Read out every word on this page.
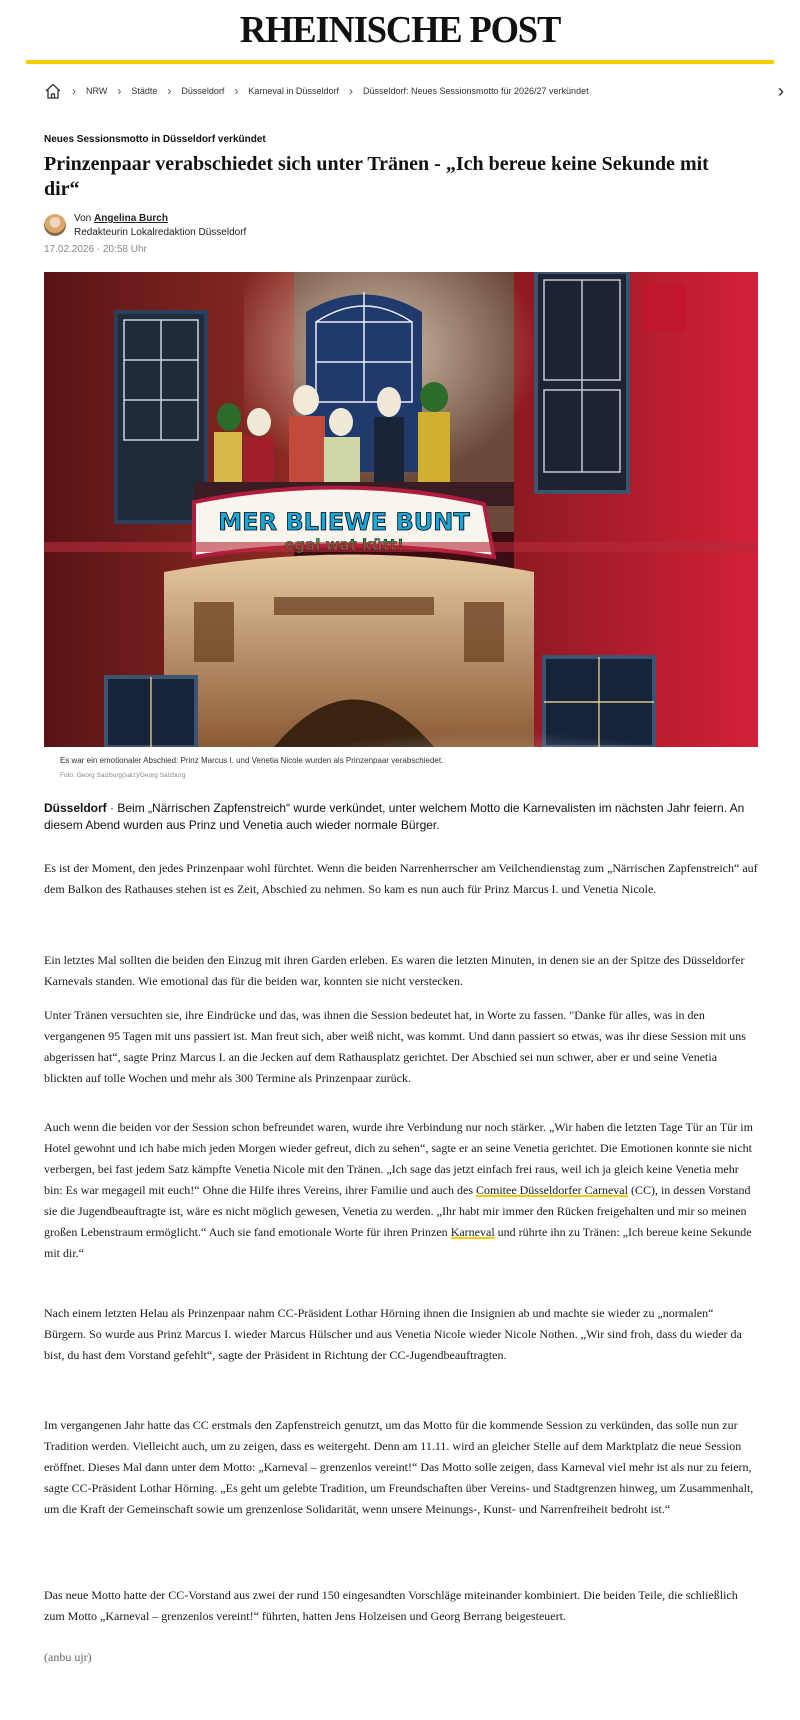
RHEINISCHE POST
› NRW › Städte › Düsseldorf › Karneval in Düsseldorf › Düsseldorf: Neues Sessionsmotto für 2026/27 verkündet	›
Neues Sessionsmotto in Düsseldorf verkündet
Prinzenpaar verabschiedet sich unter Tränen - „Ich bereue keine Sekunde mit dir“
Von Angelina Burch
Redakteurin Lokalredaktion Düsseldorf
17.02.2026 · 20:58 Uhr
MER BLIEWE BUNT
Es war ein emotionaler Abschied: Prinz Marcus I. und Venetia Nicole wurden als Prinzenpaar verabschiedet.
Foto: Georg Salzburg(salz)/Georg Salzburg

Düsseldorf · Beim „Närrischen Zapfenstreich“ wurde verkündet, unter welchem Motto die Karnevalisten im nächsten Jahr feiern. An diesem Abend wurden aus Prinz und Venetia auch wieder normale Bürger.

Es ist der Moment, den jedes Prinzenpaar wohl fürchtet. Wenn die beiden Narrenherrscher am Veilchendienstag zum „Närrischen Zapfenstreich“ auf dem Balkon des Rathauses stehen ist es Zeit, Abschied zu nehmen. So kam es nun auch für Prinz Marcus I. und Venetia Nicole.

Ein letztes Mal sollten die beiden den Einzug mit ihren Garden erleben. Es waren die letzten Minuten, in denen sie an der Spitze des Düsseldorfer Karnevals standen. Wie emotional das für die beiden war, konnten sie nicht verstecken.

Unter Tränen versuchten sie, ihre Eindrücke und das, was ihnen die Session bedeutet hat, in Worte zu fassen. "Danke für alles, was in den vergangenen 95 Tagen mit uns passiert ist. Man freut sich, aber weiß nicht, was kommt. Und dann passiert so etwas, was ihr diese Session mit uns abgerissen hat“, sagte Prinz Marcus I. an die Jecken auf dem Rathausplatz gerichtet. Der Abschied sei nun schwer, aber er und seine Venetia blickten auf tolle Wochen und mehr als 300 Termine als Prinzenpaar zurück.

Auch wenn die beiden vor der Session schon befreundet waren, wurde ihre Verbindung nur noch stärker. „Wir haben die letzten Tage Tür an Tür im Hotel gewohnt und ich habe mich jeden Morgen wieder gefreut, dich zu sehen“, sagte er an seine Venetia gerichtet. Die Emotionen konnte sie nicht verbergen, bei fast jedem Satz kämpfte Venetia Nicole mit den Tränen. „Ich sage das jetzt einfach frei raus, weil ich ja gleich keine Venetia mehr bin: Es war megageil mit euch!“ Ohne die Hilfe ihres Vereins, ihrer Familie und auch des Comitee Düsseldorfer Carneval (CC), in dessen Vorstand sie die Jugendbeauftragte ist, wäre es nicht möglich gewesen, Venetia zu werden. „Ihr habt mir immer den Rücken freigehalten und mir so meinen großen Lebenstraum ermöglicht.“ Auch sie fand emotionale Worte für ihren Prinzen Karneval und rührte ihn zu Tränen: „Ich bereue keine Sekunde mit dir.“

Nach einem letzten Helau als Prinzenpaar nahm CC-Präsident Lothar Hörning ihnen die Insignien ab und machte sie wieder zu „normalen“ Bürgern. So wurde aus Prinz Marcus I. wieder Marcus Hülscher und aus Venetia Nicole wieder Nicole Nothen. „Wir sind froh, dass du wieder da bist, du hast dem Vorstand gefehlt“, sagte der Präsident in Richtung der CC-Jugendbeauftragten.

Im vergangenen Jahr hatte das CC erstmals den Zapfenstreich genutzt, um das Motto für die kommende Session zu verkünden, das solle nun zur Tradition werden. Vielleicht auch, um zu zeigen, dass es weitergeht. Denn am 11.11. wird an gleicher Stelle auf dem Marktplatz die neue Session eröffnet. Dieses Mal dann unter dem Motto: „Karneval – grenzenlos vereint!“ Das Motto solle zeigen, dass Karneval viel mehr ist als nur zu feiern, sagte CC-Präsident Lothar Hörning. „Es geht um gelebte Tradition, um Freundschaften über Vereins- und Stadtgrenzen hinweg, um Zusammenhalt, um die Kraft der Gemeinschaft sowie um grenzenlose Solidarität, wenn unsere Meinungs-, Kunst- und Narrenfreiheit bedroht ist.“

Das neue Motto hatte der CC-Vorstand aus zwei der rund 150 eingesandten Vorschläge miteinander kombiniert. Die beiden Teile, die schließlich zum Motto „Karneval – grenzenlos vereint!“ führten, hatten Jens Holzeisen und Georg Berrang beigesteuert.

(anbu ujr)
